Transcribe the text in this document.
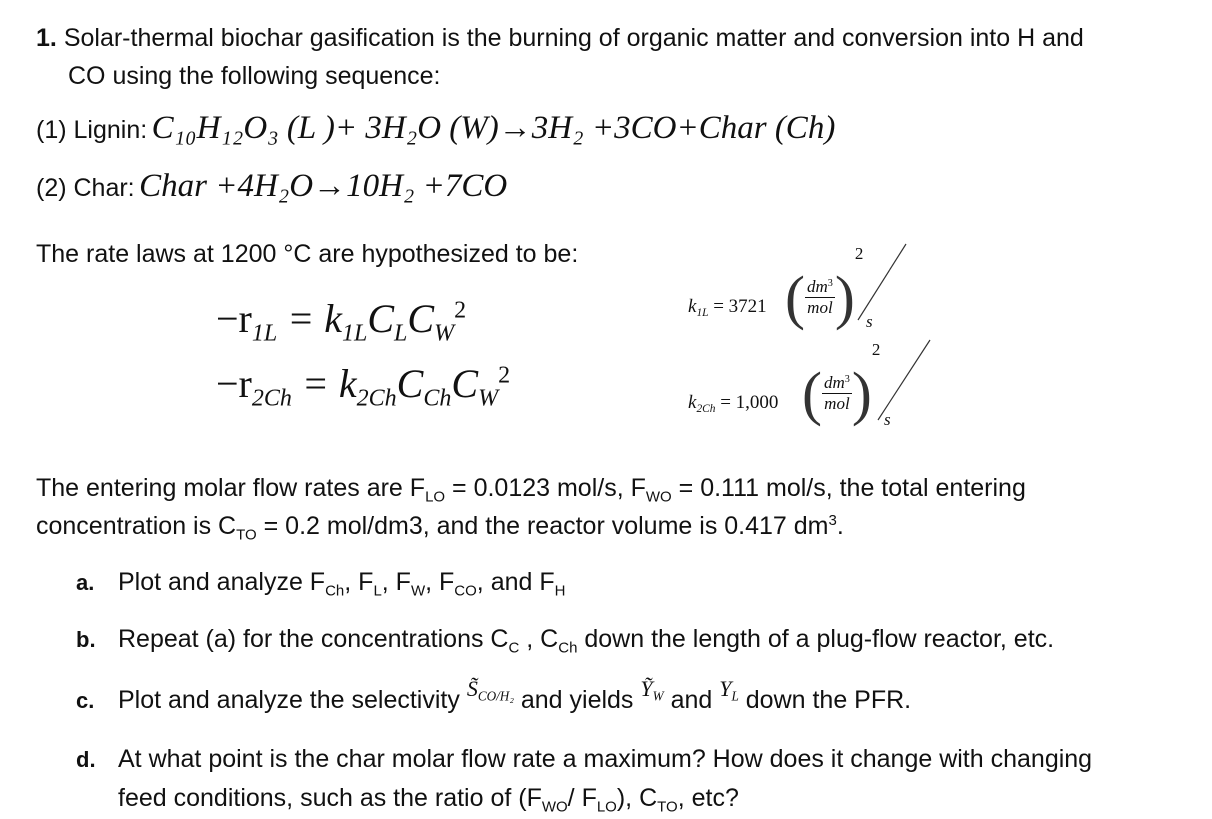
1. Solar-thermal biochar gasification is the burning of organic matter and conversion into H and
CO using the following sequence:
(1) Lignin: C₁₀H₁₂O₃ (L )+ 3H₂O (W)→3H₂ +3CO+Char (Ch)
(2) Char: Char +4H₂O→10H₂ +7CO
The rate laws at 1200 °C are hypothesized to be:
$-r_{1L} = k_{1L}C_LC_W^2$
$-r_{2Ch} = k_{2Ch}C_{Ch}C_W^2$
$k_{1L} = 3721$ ( $\frac{dm^3}{\text{mol}} )^2$
s
$k_{2Ch} = 1,000$ ( $\frac{dm^3}{\text{mol}} )^2$
s
The entering molar flow rates are $F_{LO} = 0.0123$ mol/s, $F_{WO} = 0.111$ mol/s, the total entering
concentration is $C_{TO} = 0.2$ mol/dm3, and the reactor volume is 0.417 $dm^3$.
a. Plot and analyze $F_{Ch}$, $F_L$, $F_W$, $F_{CO}$, and $F_H$
b. Repeat (a) for the concentrations $C_C$ , $C_{Ch}$ down the length of a plug-flow reactor, etc.
c. Plot and analyze the selectivity $S̃_{CO/H_2}$ and yields Ỹ$_W$ and $Y_L$ down the PFR.
d. At what point is the char molar flow rate a maximum? How does it change with changing
feed conditions, such as the ratio of ($F_{WO}/$ $F_{LO}$), $C_{TO}$, etc?
